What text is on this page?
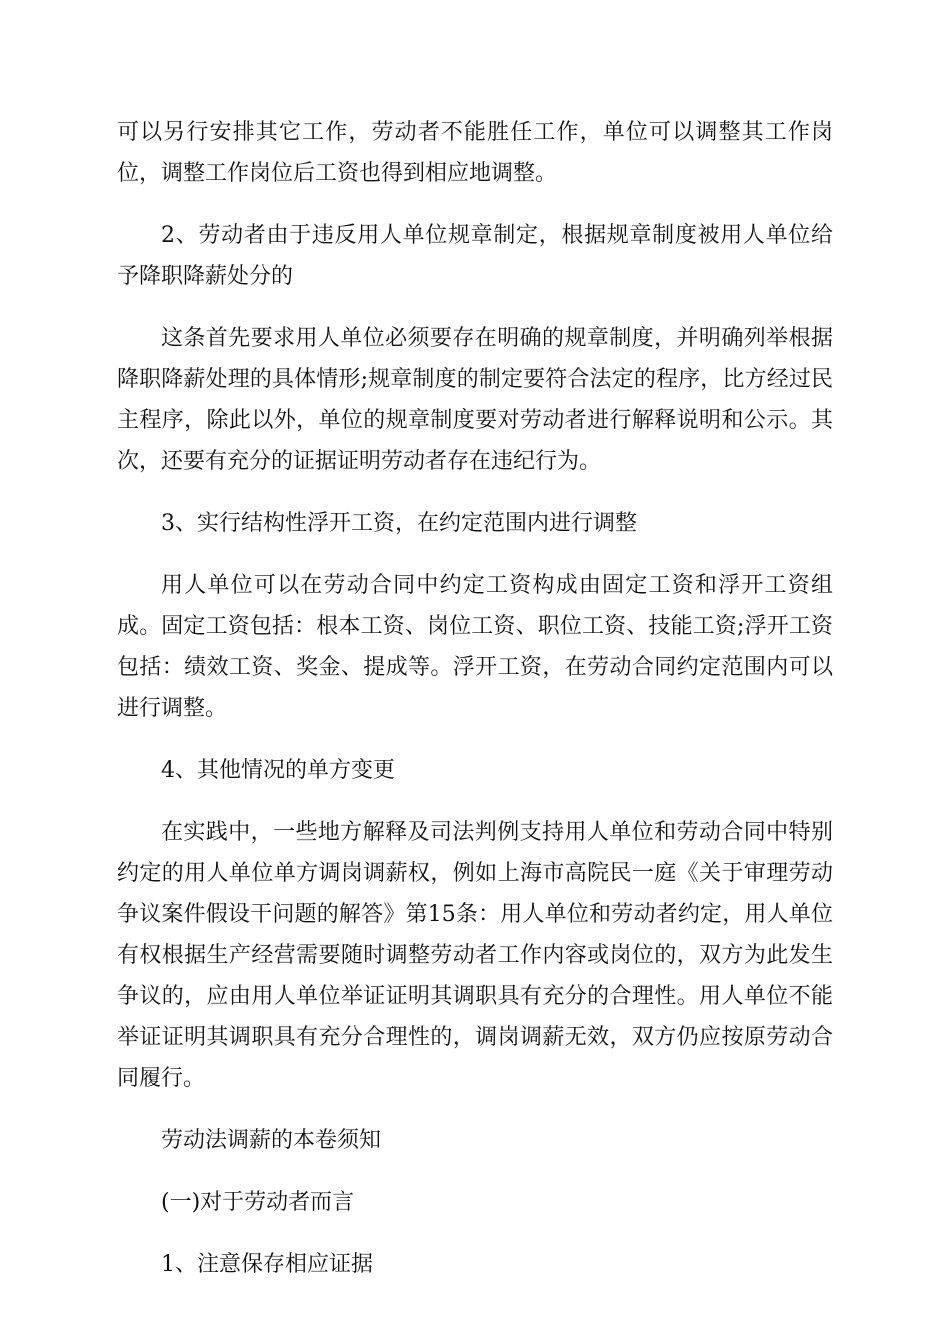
可以另行安排其它工作，劳动者不能胜任工作，单位可以调整其工作岗位，调整工作岗位后工资也得到相应地调整。

2、劳动者由于违反用人单位规章制定，根据规章制度被用人单位给予降职降薪处分的

这条首先要求用人单位必须要存在明确的规章制度，并明确列举根据降职降薪处理的具体情形;规章制度的制定要符合法定的程序，比方经过民主程序，除此以外，单位的规章制度要对劳动者进行解释说明和公示。其次，还要有充分的证据证明劳动者存在违纪行为。

3、实行结构性浮开工资，在约定范围内进行调整

用人单位可以在劳动合同中约定工资构成由固定工资和浮开工资组成。固定工资包括：根本工资、岗位工资、职位工资、技能工资;浮开工资包括：绩效工资、奖金、提成等。浮开工资，在劳动合同约定范围内可以进行调整。

4、其他情况的单方变更

在实践中，一些地方解释及司法判例支持用人单位和劳动合同中特别约定的用人单位单方调岗调薪权，例如上海市高院民一庭《关于审理劳动争议案件假设干问题的解答》第15条：用人单位和劳动者约定，用人单位有权根据生产经营需要随时调整劳动者工作内容或岗位的，双方为此发生争议的，应由用人单位举证证明其调职具有充分的合理性。用人单位不能举证证明其调职具有充分合理性的，调岗调薪无效，双方仍应按原劳动合同履行。

劳动法调薪的本卷须知

(一)对于劳动者而言

1、注意保存相应证据
